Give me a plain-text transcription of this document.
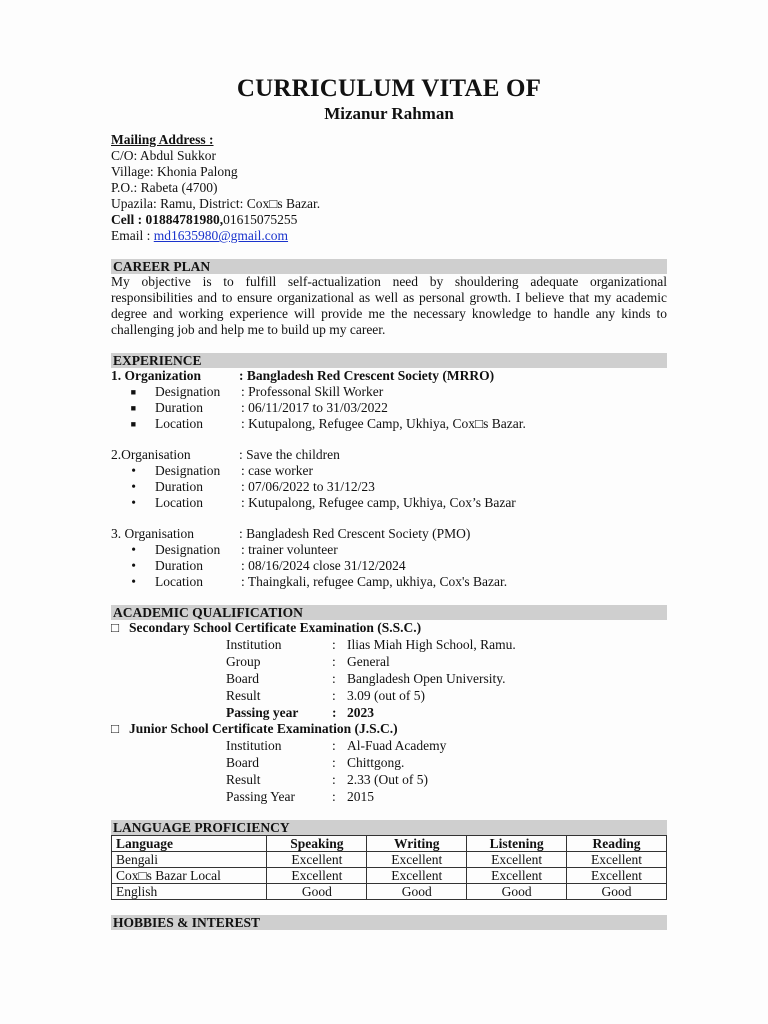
CURRICULUM VITAE OF
Mizanur Rahman
Mailing Address :
C/O: Abdul Sukkor
Village: Khonia Palong
P.O.: Rabeta (4700)
Upazila: Ramu, District: Cox□s Bazar.
Cell : 01884781980,01615075255
Email : md1635980@gmail.com
CAREER PLAN
My objective is to fulfill self-actualization need by shouldering adequate organizational responsibilities and to ensure organizational as well as personal growth. I believe that my academic degree and working experience will provide me the necessary knowledge to handle any kinds to challenging job and help me to build up my career.
EXPERIENCE
1. Organization	: Bangladesh Red Crescent Society (MRRO)
■	Designation	: Professonal Skill Worker
■	Duration	: 06/11/2017 to 31/03/2022
■	Location	: Kutupalong, Refugee Camp, Ukhiya, Cox□s Bazar.
2.Organisation	: Save the children
•	Designation	: case worker
•	Duration	: 07/06/2022 to 31/12/23
•	Location	: Kutupalong, Refugee camp, Ukhiya, Cox’s Bazar
3. Organisation	: Bangladesh Red Crescent Society (PMO)
•	Designation	: trainer volunteer
•	Duration	: 08/16/2024 close 31/12/2024
•	Location	: Thaingkali, refugee Camp, ukhiya, Cox's Bazar.
ACADEMIC QUALIFICATION
□ Secondary School Certificate Examination (S.S.C.)
Institution	: Ilias Miah High School, Ramu.
Group	: General
Board	: Bangladesh Open University.
Result	: 3.09 (out of 5)
Passing year	: 2023
□ Junior School Certificate Examination (J.S.C.)
Institution	: Al-Fuad Academy
Board	: Chittgong.
Result	: 2.33 (Out of 5)
Passing Year	: 2015
LANGUAGE PROFICIENCY
Language	Speaking	Writing	Listening	Reading
Bengali	Excellent	Excellent	Excellent	Excellent
Cox□s Bazar Local	Excellent	Excellent	Excellent	Excellent
English	Good	Good	Good	Good
HOBBIES & INTEREST
